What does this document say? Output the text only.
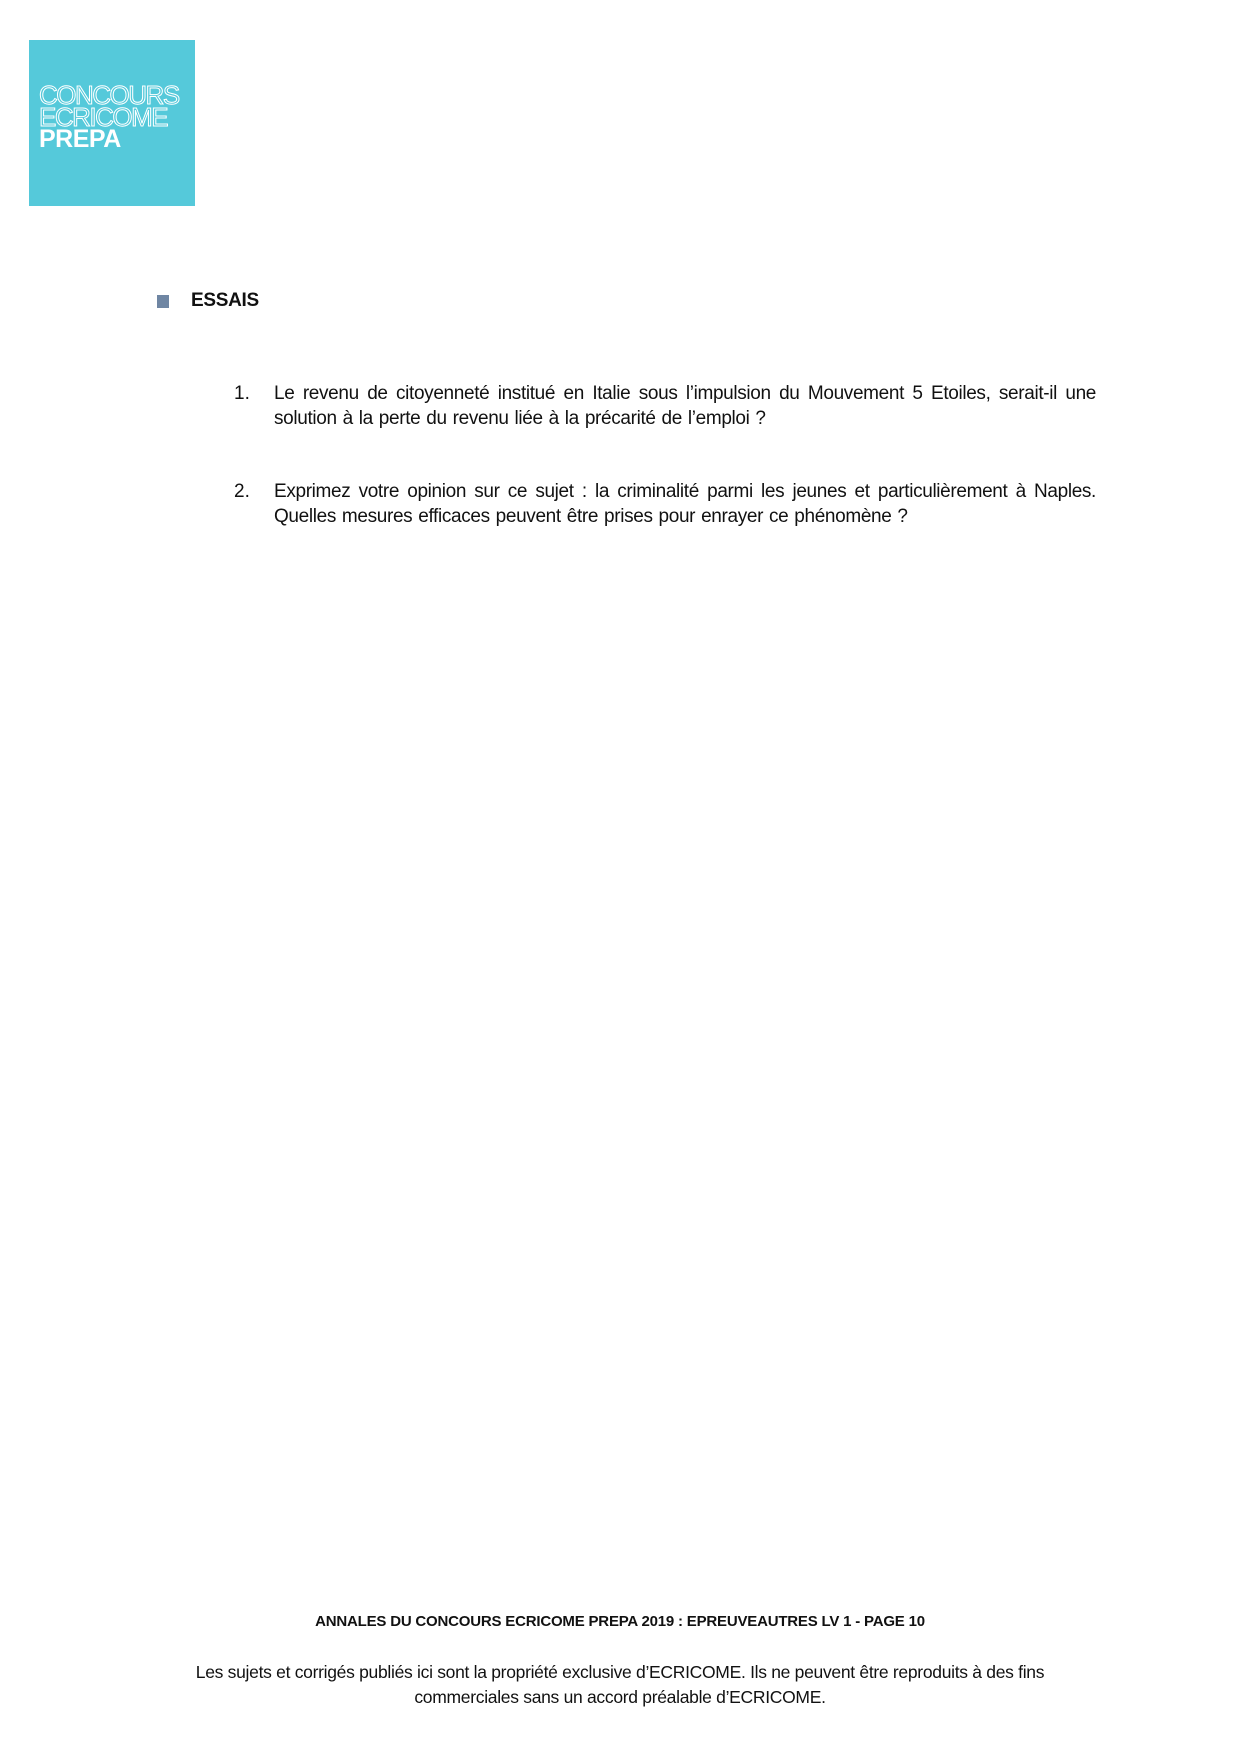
CONCOURS
ECRICOME
PREPA
ESSAIS
1.	Le revenu de citoyenneté institué en Italie sous l’impulsion du Mouvement 5 Etoiles, serait-il une solution à la perte du revenu liée à la précarité de l’emploi ?
2.	Exprimez votre opinion sur ce sujet : la criminalité parmi les jeunes et particulièrement à Naples. Quelles mesures efficaces peuvent être prises pour enrayer ce phénomène ?
ANNALES DU CONCOURS ECRICOME PREPA 2019 : EPREUVEAUTRES LV 1 - PAGE 10
Les sujets et corrigés publiés ici sont la propriété exclusive d’ECRICOME. Ils ne peuvent être reproduits à des fins commerciales sans un accord préalable d’ECRICOME.
